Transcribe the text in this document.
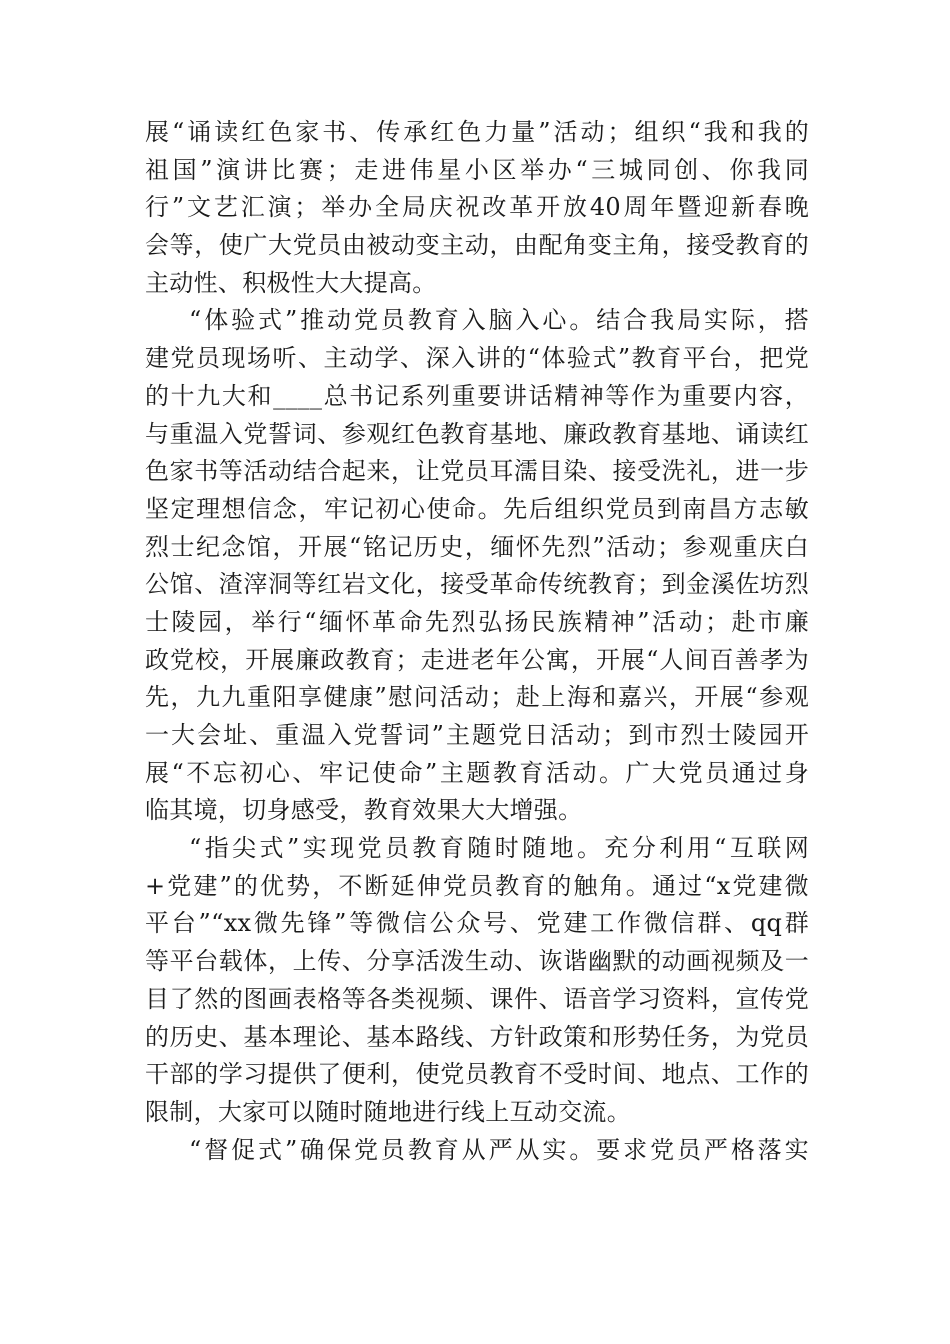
展“诵读红色家书、传承红色力量”活动；组织“我和我的
祖国”演讲比赛；走进伟星小区举办“三城同创、你我同
行”文艺汇演；举办全局庆祝改革开放40周年暨迎新春晚
会等，使广大党员由被动变主动，由配角变主角，接受教育的
主动性、积极性大大提高。
“体验式”推动党员教育入脑入心。结合我局实际，搭
建党员现场听、主动学、深入讲的“体验式”教育平台，把党
的十九大和____总书记系列重要讲话精神等作为重要内容，
与重温入党誓词、参观红色教育基地、廉政教育基地、诵读红
色家书等活动结合起来，让党员耳濡目染、接受洗礼，进一步
坚定理想信念，牢记初心使命。先后组织党员到南昌方志敏
烈士纪念馆，开展“铭记历史，缅怀先烈”活动；参观重庆白
公馆、渣滓洞等红岩文化，接受革命传统教育；到金溪佐坊烈
士陵园，举行“缅怀革命先烈弘扬民族精神”活动；赴市廉
政党校，开展廉政教育；走进老年公寓，开展“人间百善孝为
先，九九重阳享健康”慰问活动；赴上海和嘉兴，开展“参观
一大会址、重温入党誓词”主题党日活动；到市烈士陵园开
展“不忘初心、牢记使命”主题教育活动。广大党员通过身
临其境，切身感受，教育效果大大增强。
“指尖式”实现党员教育随时随地。充分利用“互联网
+党建”的优势，不断延伸党员教育的触角。通过“x党建微
平台”“xx微先锋”等微信公众号、党建工作微信群、qq群
等平台载体，上传、分享活泼生动、诙谐幽默的动画视频及一
目了然的图画表格等各类视频、课件、语音学习资料，宣传党
的历史、基本理论、基本路线、方针政策和形势任务，为党员
干部的学习提供了便利，使党员教育不受时间、地点、工作的
限制，大家可以随时随地进行线上互动交流。
“督促式”确保党员教育从严从实。要求党员严格落实
